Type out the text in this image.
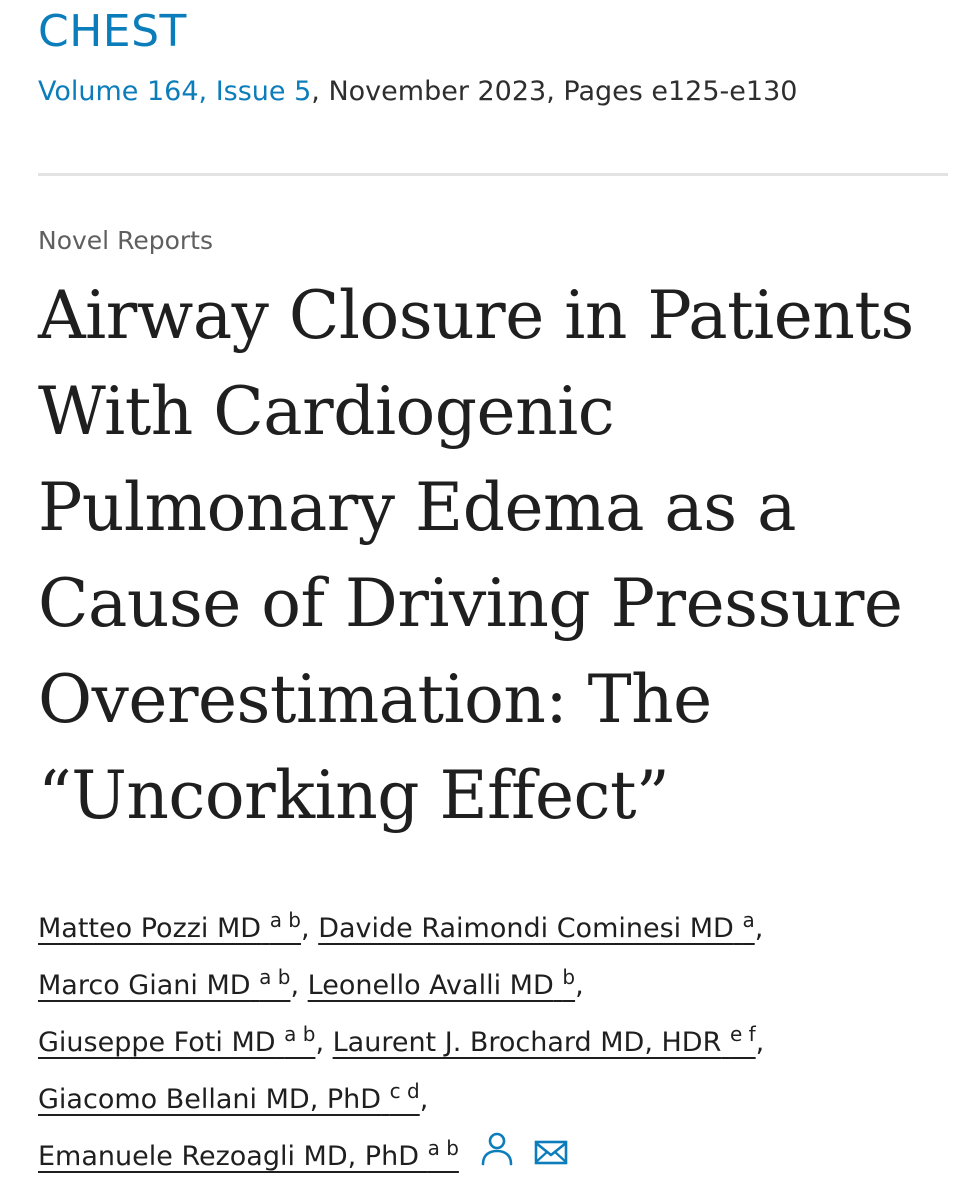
CHEST
Volume 164, Issue 5, November 2023, Pages e125-e130
Novel Reports
Airway Closure in Patients
With Cardiogenic
Pulmonary Edema as a
Cause of Driving Pressure
Overestimation: The
“Uncorking Effect”
Matteo Pozzi MD $^{a b}$, Davide Raimondi Cominesi MD $^a$,
Marco Giani MD $^{a b}$, Leonello Avalli MD $^b$,
Giuseppe Foti MD $^{a b}$, Laurent J. Brochard MD, HDR $^{e f}$,
Giacomo Bellani MD, PhD $^{c d}$,
Emanuele Rezoagli MD, PhD $^{a b}$
